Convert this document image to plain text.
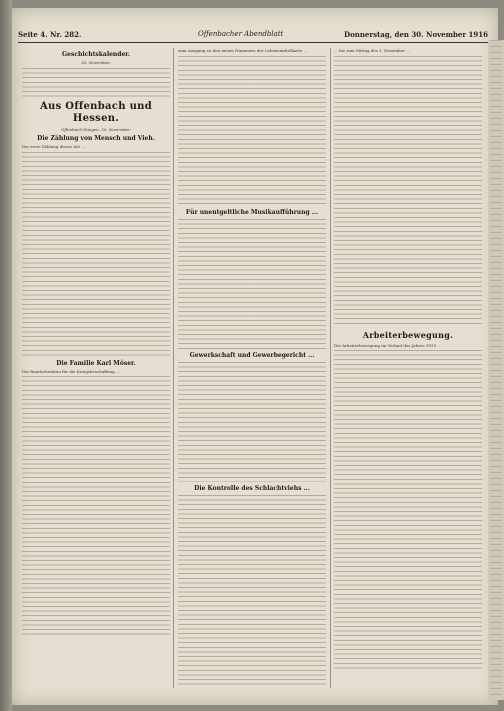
Seite 4. Nr. 282.	Offenbacher Abendblatt	Donnerstag, den 30. November 1916
Geschichtskalender.
30. November.
Aus Offenbach und Hessen.
Offenbach-Stiegen, 30. November.
Die Zählung von Mensch und Vieh.
Die erste Zählung dieser Art ...
Die Familie Karl Möser.
Die Rundschreiben für die Kriegsbeschaffung ...
zum Ausgang zu den neuen Nummern der Lebensmittelkarte ...
Für unentgeltliche Musikaufführung ...
Gewerkschaft und Gewerbegericht ...
Die Kontrolle des Schlachtviehs ...
... bis zum Mittag des 1. Dezember ...
Arbeiterbewegung.
Die Arbeiterbewegung im Verlauf des Jahres 1915 ...
